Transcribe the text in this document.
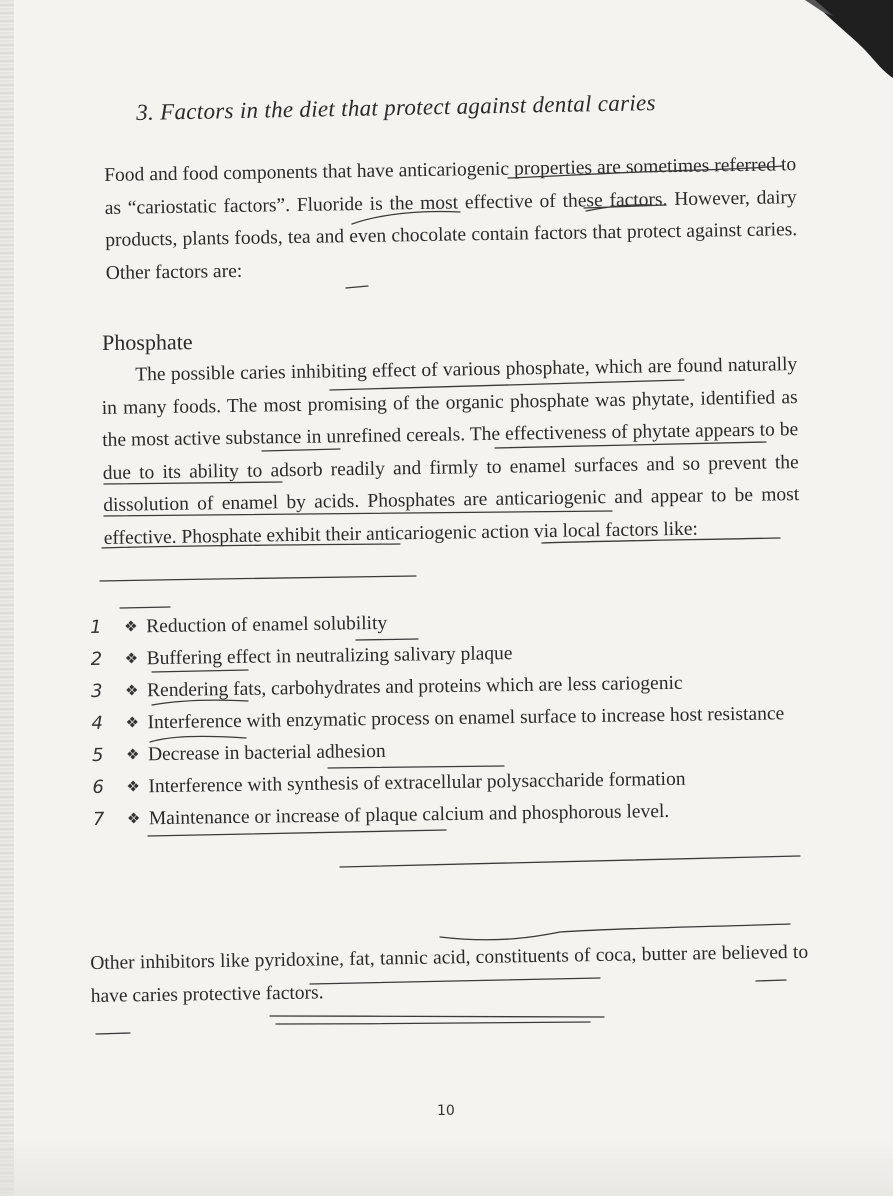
3. Factors in the diet that protect against dental caries
Food and food components that have anticariogenic properties are sometimes referred to as “cariostatic factors”. Fluoride is the most effective of these factors. However, dairy products, plants foods, tea and even chocolate contain factors that protect against caries. Other factors are:
Phosphate
The possible caries inhibiting effect of various phosphate, which are found naturally in many foods. The most promising of the organic phosphate was phytate, identified as the most active substance in unrefined cereals. The effectiveness of phytate appears to be due to its ability to adsorb readily and firmly to enamel surfaces and so prevent the dissolution of enamel by acids. Phosphates are anticariogenic and appear to be most effective. Phosphate exhibit their anticariogenic action via local factors like:
1	❖ Reduction of enamel solubility
2	❖ Buffering effect in neutralizing salivary plaque
3	❖ Rendering fats, carbohydrates and proteins which are less cariogenic
4	❖ Interference with enzymatic process on enamel surface to increase host resistance
5	❖ Decrease in bacterial adhesion
6	❖ Interference with synthesis of extracellular polysaccharide formation
7	❖ Maintenance or increase of plaque calcium and phosphorous level.
Other inhibitors like pyridoxine, fat, tannic acid, constituents of coca, butter are believed to have caries protective factors.
10
